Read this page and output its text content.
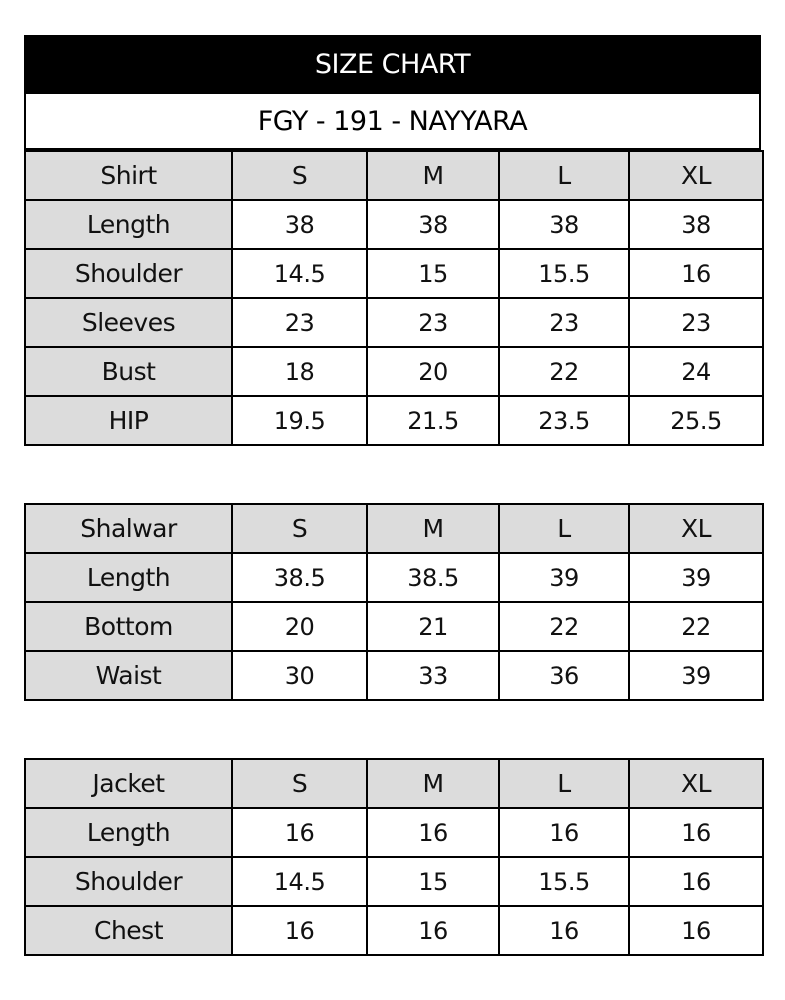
SIZE CHART
FGY - 191 - NAYYARA
Shirt	S	M	L	XL
Length	38	38	38	38
Shoulder	14.5	15	15.5	16
Sleeves	23	23	23	23
Bust	18	20	22	24
HIP	19.5	21.5	23.5	25.5
Shalwar	S	M	L	XL
Length	38.5	38.5	39	39
Bottom	20	21	22	22
Waist	30	33	36	39
Jacket	S	M	L	XL
Length	16	16	16	16
Shoulder	14.5	15	15.5	16
Chest	16	16	16	16
